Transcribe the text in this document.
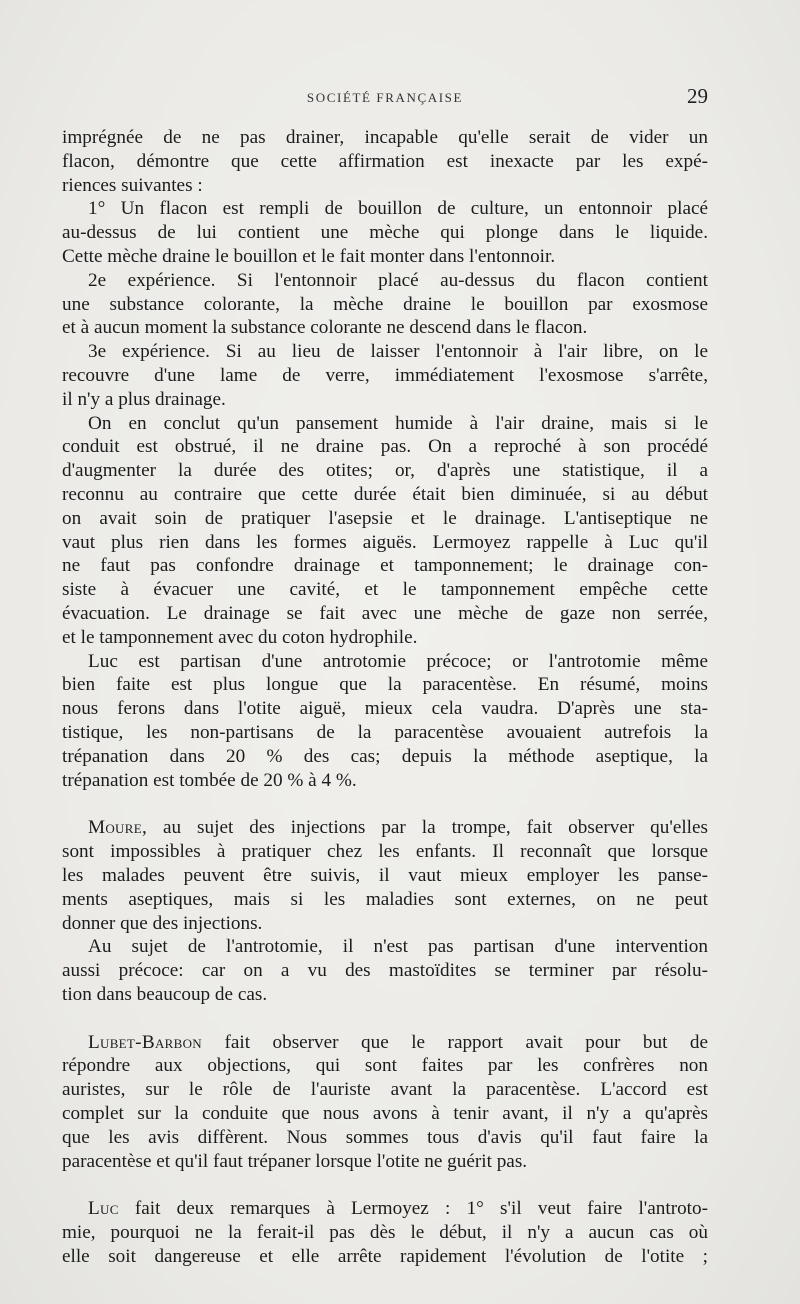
SOCIÉTÉ FRANÇAISE	29

imprégnée de ne pas drainer, incapable qu'elle serait de vider un
flacon, démontre que cette affirmation est inexacte par les expé-
riences suivantes :
1° Un flacon est rempli de bouillon de culture, un entonnoir placé
au-dessus de lui contient une mèche qui plonge dans le liquide.
Cette mèche draine le bouillon et le fait monter dans l'entonnoir.
2e expérience. Si l'entonnoir placé au-dessus du flacon contient
une substance colorante, la mèche draine le bouillon par exosmose
et à aucun moment la substance colorante ne descend dans le flacon.
3e expérience. Si au lieu de laisser l'entonnoir à l'air libre, on le
recouvre d'une lame de verre, immédiatement l'exosmose s'arrête,
il n'y a plus drainage.
On en conclut qu'un pansement humide à l'air draine, mais si le
conduit est obstrué, il ne draine pas. On a reproché à son procédé
d'augmenter la durée des otites; or, d'après une statistique, il a
reconnu au contraire que cette durée était bien diminuée, si au début
on avait soin de pratiquer l'asepsie et le drainage. L'antiseptique ne
vaut plus rien dans les formes aiguës. Lermoyez rappelle à Luc qu'il
ne faut pas confondre drainage et tamponnement; le drainage con-
siste à évacuer une cavité, et le tamponnement empêche cette
évacuation. Le drainage se fait avec une mèche de gaze non serrée,
et le tamponnement avec du coton hydrophile.
Luc est partisan d'une antrotomie précoce; or l'antrotomie même
bien faite est plus longue que la paracentèse. En résumé, moins
nous ferons dans l'otite aiguë, mieux cela vaudra. D'après une sta-
tistique, les non-partisans de la paracentèse avouaient autrefois la
trépanation dans 20 % des cas; depuis la méthode aseptique, la
trépanation est tombée de 20 % à 4 %.

Moure, au sujet des injections par la trompe, fait observer qu'elles
sont impossibles à pratiquer chez les enfants. Il reconnaît que lorsque
les malades peuvent être suivis, il vaut mieux employer les panse-
ments aseptiques, mais si les maladies sont externes, on ne peut
donner que des injections.
Au sujet de l'antrotomie, il n'est pas partisan d'une intervention
aussi précoce: car on a vu des mastoïdites se terminer par résolu-
tion dans beaucoup de cas.

Lubet-Barbon fait observer que le rapport avait pour but de
répondre aux objections, qui sont faites par les confrères non
auristes, sur le rôle de l'auriste avant la paracentèse. L'accord est
complet sur la conduite que nous avons à tenir avant, il n'y a qu'après
que les avis diffèrent. Nous sommes tous d'avis qu'il faut faire la
paracentèse et qu'il faut trépaner lorsque l'otite ne guérit pas.

Luc fait deux remarques à Lermoyez : 1° s'il veut faire l'antroto-
mie, pourquoi ne la ferait-il pas dès le début, il n'y a aucun cas où
elle soit dangereuse et elle arrête rapidement l'évolution de l'otite ;
